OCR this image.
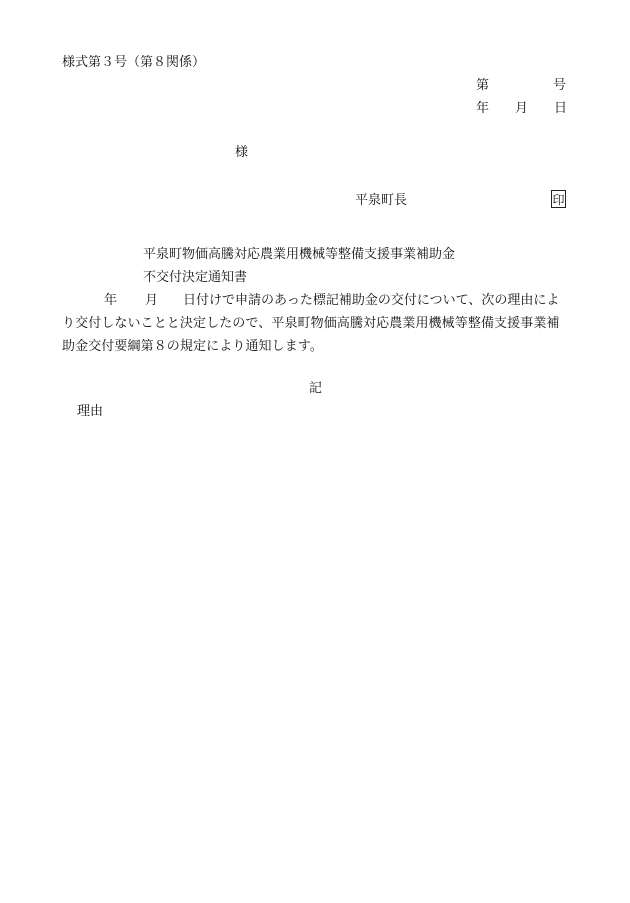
様式第３号（第８関係）
第	号
年 月 日
様
平泉町長	印
平泉町物価高騰対応農業用機械等整備支援事業補助金
不交付決定通知書
年 月 日付けで申請のあった標記補助金の交付について、次の理由によ
り交付しないことと決定したので、平泉町物価高騰対応農業用機械等整備支援事業補
助金交付要綱第８の規定により通知します。
記
理由
